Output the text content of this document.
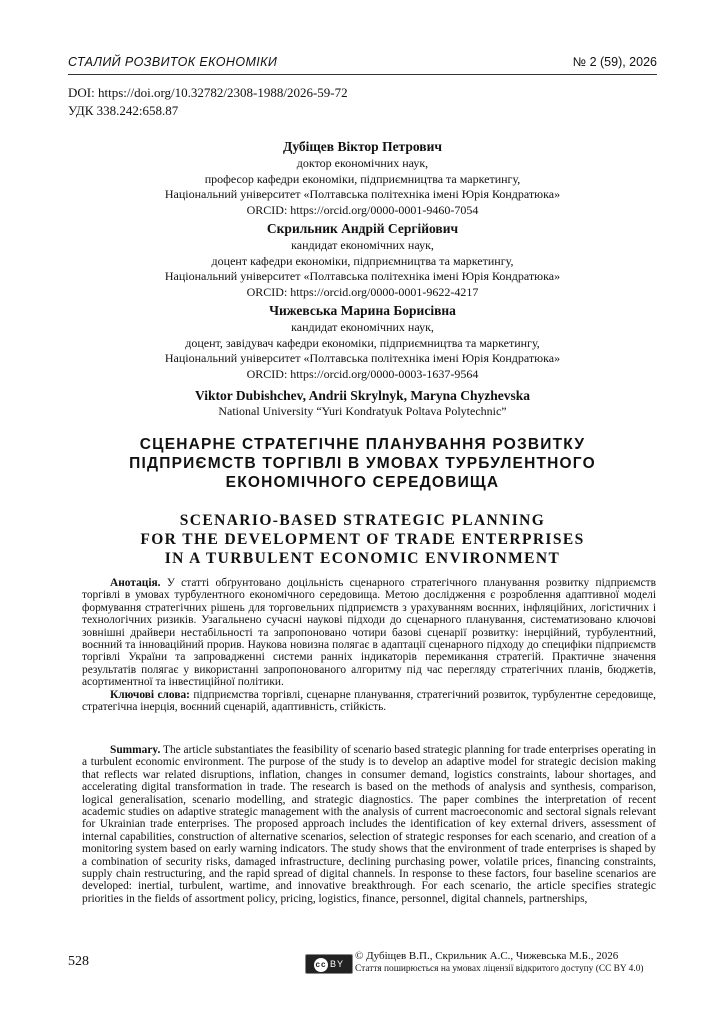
СТАЛИЙ РОЗВИТОК ЕКОНОМІКИ	№ 2 (59), 2026
DOI: https://doi.org/10.32782/2308-1988/2026-59-72
УДК 338.242:658.87
Дубіщев Віктор Петрович
доктор економічних наук,
професор кафедри економіки, підприємництва та маркетингу,
Національний університет «Полтавська політехніка імені Юрія Кондратюка»
ORCID: https://orcid.org/0000-0001-9460-7054
Скрильник Андрій Сергійович
кандидат економічних наук,
доцент кафедри економіки, підприємництва та маркетингу,
Національний університет «Полтавська політехніка імені Юрія Кондратюка»
ORCID: https://orcid.org/0000-0001-9622-4217
Чижевська Марина Борисівна
кандидат економічних наук,
доцент, завідувач кафедри економіки, підприємництва та маркетингу,
Національний університет «Полтавська політехніка імені Юрія Кондратюка»
ORCID: https://orcid.org/0000-0003-1637-9564
Viktor Dubishchev, Andrii Skrylnyk, Maryna Chyzhevska
National University “Yuri Kondratyuk Poltava Polytechnic”
СЦЕНАРНЕ СТРАТЕГІЧНЕ ПЛАНУВАННЯ РОЗВИТКУ
ПІДПРИЄМСТВ ТОРГІВЛІ В УМОВАХ ТУРБУЛЕНТНОГО
ЕКОНОМІЧНОГО СЕРЕДОВИЩА
SCENARIO-BASED STRATEGIC PLANNING
FOR THE DEVELOPMENT OF TRADE ENTERPRISES
IN A TURBULENT ECONOMIC ENVIRONMENT

Анотація. У статті обґрунтовано доцільність сценарного стратегічного планування розвитку підприємств торгівлі в умовах турбулентного економічного середовища. Метою дослідження є розроблення адаптивної моделі формування стратегічних рішень для торговельних підприємств з урахуванням воєнних, інфляційних, логістичних і технологічних ризиків. Узагальнено сучасні наукові підходи до сценарного планування, систематизовано ключові зовнішні драйвери нестабільності та запропоновано чотири базові сценарії розвитку: інерційний, турбулентний, воєнний та інноваційний прорив. Наукова новизна полягає в адаптації сценарного підходу до специфіки підприємств торгівлі України та запровадженні системи ранніх індикаторів перемикання стратегій. Практичне значення результатів полягає у використанні запропонованого алгоритму під час перегляду стратегічних планів, бюджетів, асортиментної та інвестиційної політики.

Ключові слова: підприємства торгівлі, сценарне планування, стратегічний розвиток, турбулентне середовище, стратегічна інерція, воєнний сценарій, адаптивність, стійкість.

Summary. The article substantiates the feasibility of scenario based strategic planning for trade enterprises operating in a turbulent economic environment. The purpose of the study is to develop an adaptive model for strategic decision making that reflects war related disruptions, inflation, changes in consumer demand, logistics constraints, labour shortages, and accelerating digital transformation in trade. The research is based on the methods of analysis and synthesis, comparison, logical generalisation, scenario modelling, and strategic diagnostics. The paper combines the interpretation of recent academic studies on adaptive strategic management with the analysis of current macroeconomic and sectoral signals relevant for Ukrainian trade enterprises. The proposed approach includes the identification of key external drivers, assessment of internal capabilities, construction of alternative scenarios, selection of strategic responses for each scenario, and creation of a monitoring system based on early warning indicators. The study shows that the environment of trade enterprises is shaped by a combination of security risks, damaged infrastructure, declining purchasing power, volatile prices, financing constraints, supply chain restructuring, and the rapid spread of digital channels. In response to these factors, four baseline scenarios are developed: inertial, turbulent, wartime, and innovative breakthrough. For each scenario, the article specifies strategic priorities in the fields of assortment policy, pricing, logistics, finance, personnel, digital channels, partnerships,

528	cc BY
© Дубіщев В.П., Скрильник А.С., Чижевська М.Б., 2026
Стаття поширюється на умовах ліцензії відкритого доступу (CC BY 4.0)
